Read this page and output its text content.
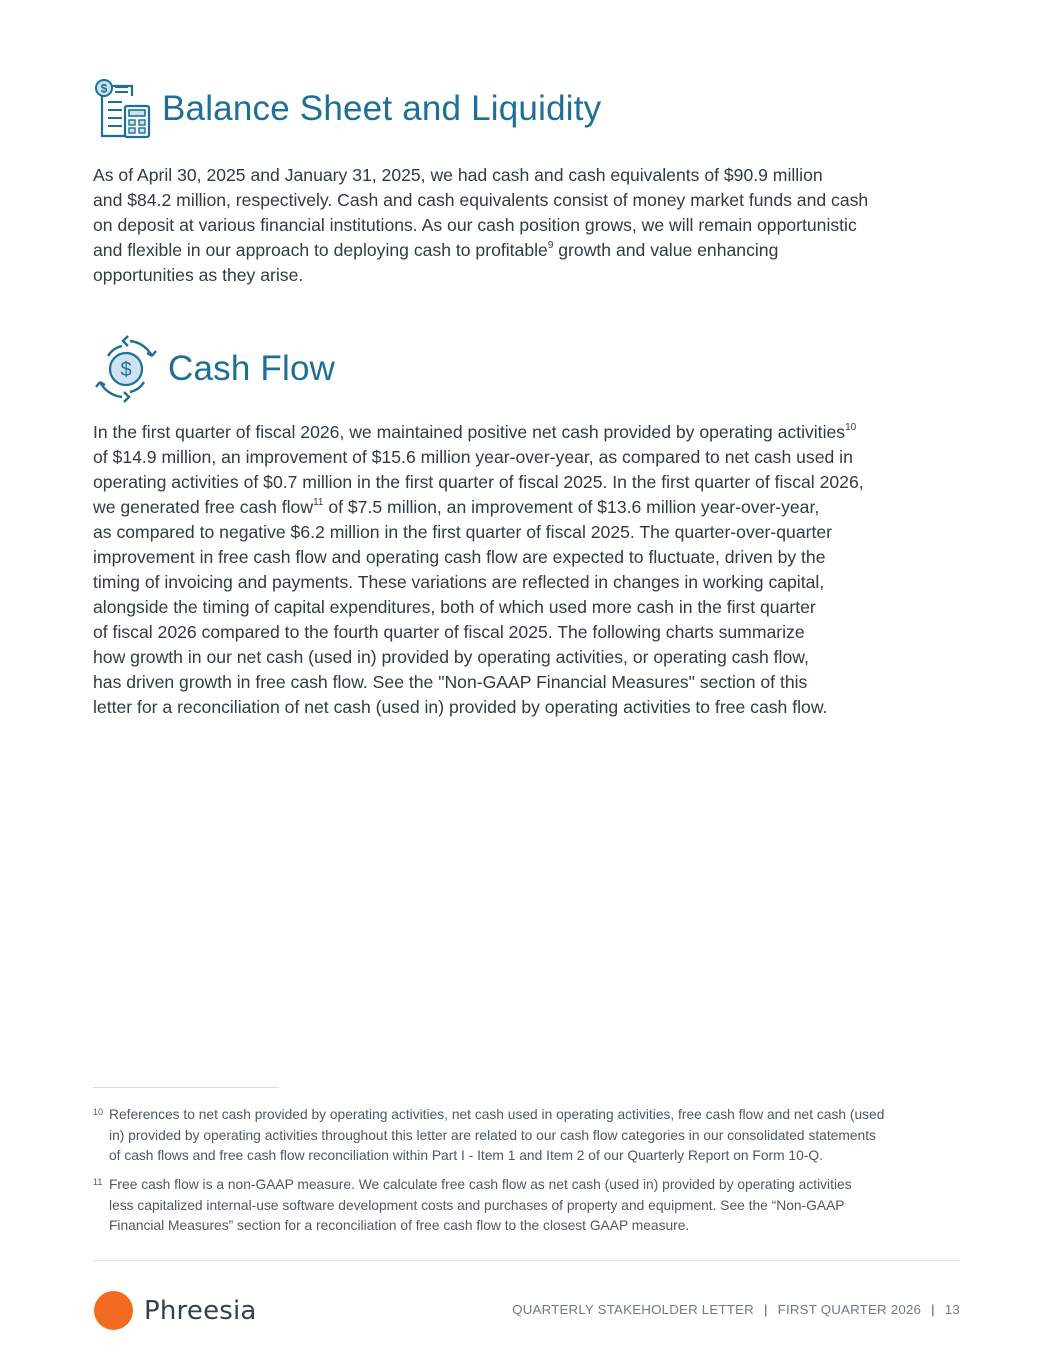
$
Balance Sheet and Liquidity

As of April 30, 2025 and January 31, 2025, we had cash and cash equivalents of $90.9 million
and $84.2 million, respectively. Cash and cash equivalents consist of money market funds and cash
on deposit at various financial institutions. As our cash position grows, we will remain opportunistic
and flexible in our approach to deploying cash to profitable$^9$ growth and value enhancing
opportunities as they arise.

$ Cash Flow

In the first quarter of fiscal 2026, we maintained positive net cash provided by operating activities$^{10}$
of $14.9 million, an improvement of $15.6 million year-over-year, as compared to net cash used in
operating activities of $0.7 million in the first quarter of fiscal 2025. In the first quarter of fiscal 2026,
we generated free cash flow$^{11}$ of $7.5 million, an improvement of $13.6 million year-over-year,
as compared to negative $6.2 million in the first quarter of fiscal 2025. The quarter-over-quarter
improvement in free cash flow and operating cash flow are expected to fluctuate, driven by the
timing of invoicing and payments. These variations are reflected in changes in working capital,
alongside the timing of capital expenditures, both of which used more cash in the first quarter
of fiscal 2026 compared to the fourth quarter of fiscal 2025. The following charts summarize
how growth in our net cash (used in) provided by operating activities, or operating cash flow,
has driven growth in free cash flow. See the "Non-GAAP Financial Measures" section of this
letter for a reconciliation of net cash (used in) provided by operating activities to free cash flow.

10 References to net cash provided by operating activities, net cash used in operating activities, free cash flow and net cash (used
in) provided by operating activities throughout this letter are related to our cash flow categories in our consolidated statements
of cash flows and free cash flow reconciliation within Part I - Item 1 and Item 2 of our Quarterly Report on Form 10-Q.
11 Free cash flow is a non-GAAP measure. We calculate free cash flow as net cash (used in) provided by operating activities
less capitalized internal-use software development costs and purchases of property and equipment. See the “Non-GAAP
Financial Measures” section for a reconciliation of free cash flow to the closest GAAP measure.
Phreesia	QUARTERLY STAKEHOLDER LETTER | FIRST QUARTER 2026 | 13
